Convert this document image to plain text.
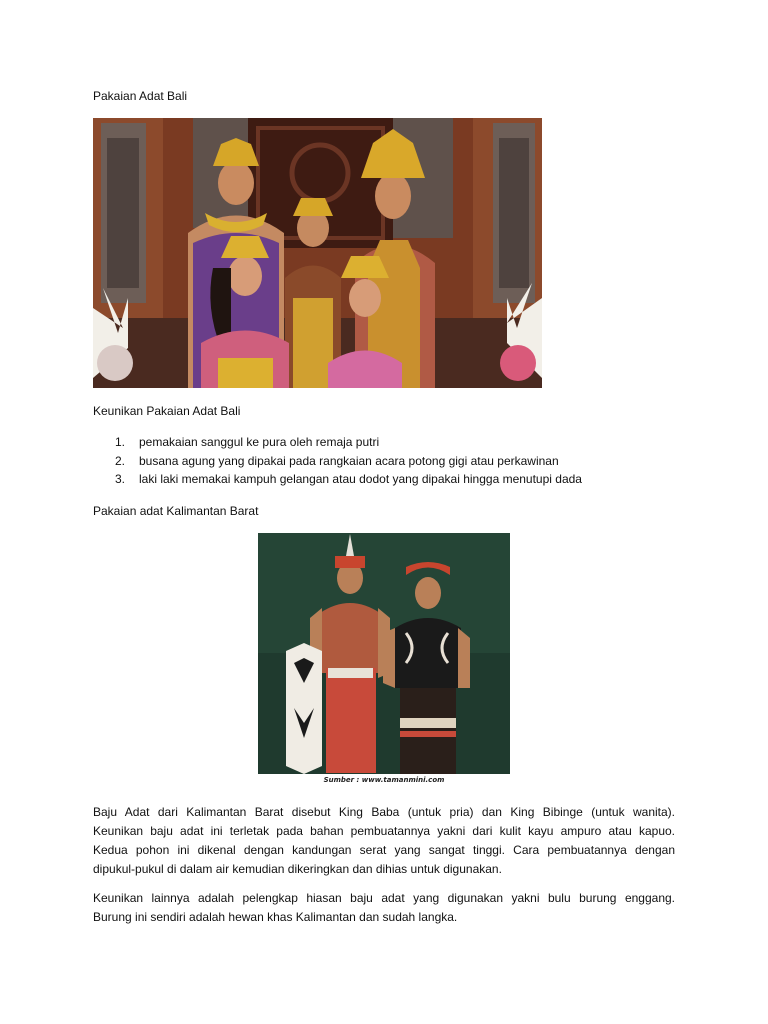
Pakaian Adat Bali
Keunikan Pakaian Adat Bali
1. pemakaian sanggul ke pura oleh remaja putri
2. busana agung yang dipakai pada rangkaian acara potong gigi atau perkawinan
3. laki laki memakai kampuh gelangan atau dodot yang dipakai hingga menutupi dada
Pakaian adat Kalimantan Barat
Sumber : www.tamanmini.com
Baju Adat dari Kalimantan Barat disebut King Baba (untuk pria) dan King Bibinge (untuk wanita).
Keunikan baju adat ini terletak pada bahan pembuatannya yakni dari kulit kayu ampuro atau kapuo.
Kedua pohon ini dikenal dengan kandungan serat yang sangat tinggi. Cara pembuatannya dengan
dipukul-pukul di dalam air kemudian dikeringkan dan dihias untuk digunakan.
Keunikan lainnya adalah pelengkap hiasan baju adat yang digunakan yakni bulu burung enggang.
Burung ini sendiri adalah hewan khas Kalimantan dan sudah langka.
